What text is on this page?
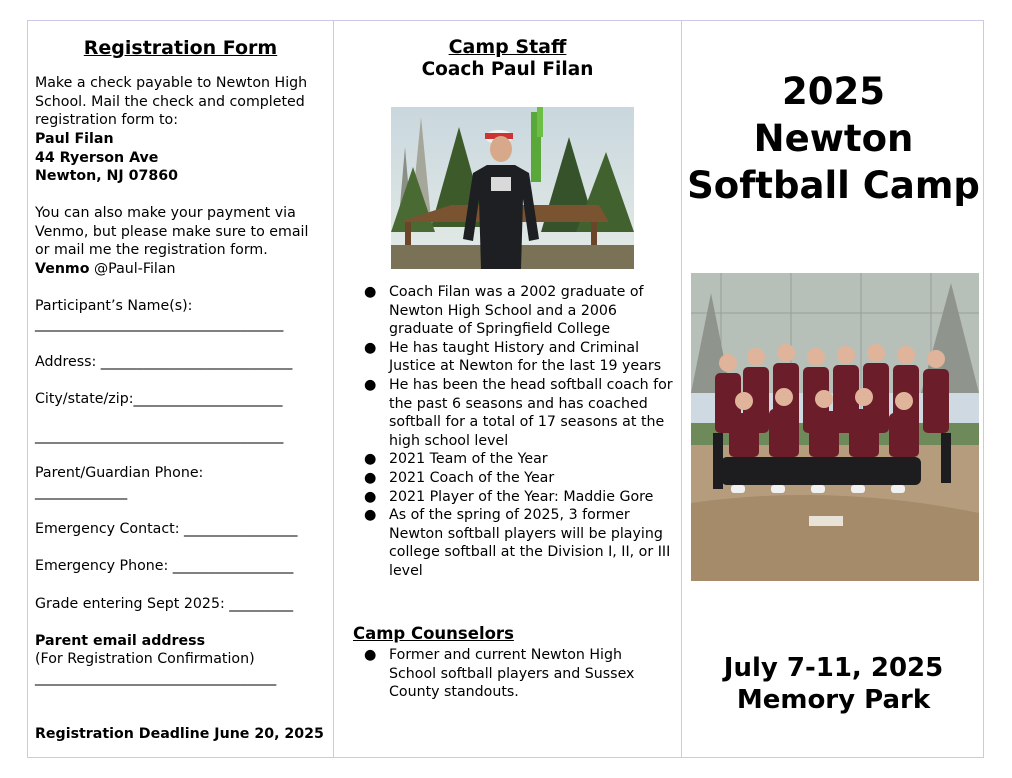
Registration Form
Make a check payable to Newton High School. Mail the check and completed registration form to:
Paul Filan
44 Ryerson Ave
Newton, NJ 07860
You can also make your payment via Venmo, but please make sure to email or mail me the registration form.
Venmo @Paul-Filan
Participant’s Name(s):
___________________________________
Address: ___________________________
City/state/zip:_____________________
___________________________________
Parent/Guardian Phone:
_____________
Emergency Contact: ________________
Emergency Phone: _________________
Grade entering Sept 2025: _________
Parent email address
(For Registration Confirmation)
__________________________________
Registration Deadline June 20, 2025
Camp Staff
Coach Paul Filan
● Coach Filan was a 2002 graduate of Newton High School and a 2006 graduate of Springfield College
● He has taught History and Criminal Justice at Newton for the last 19 years
● He has been the head softball coach for the past 6 seasons and has coached softball for a total of 17 seasons at the high school level
● 2021 Team of the Year
● 2021 Coach of the Year
● 2021 Player of the Year: Maddie Gore
● As of the spring of 2025, 3 former Newton softball players will be playing college softball at the Division I, II, or III level
Camp Counselors
● Former and current Newton High School softball players and Sussex County standouts.
2025
Newton
Softball Camp
July 7-11, 2025
Memory Park
